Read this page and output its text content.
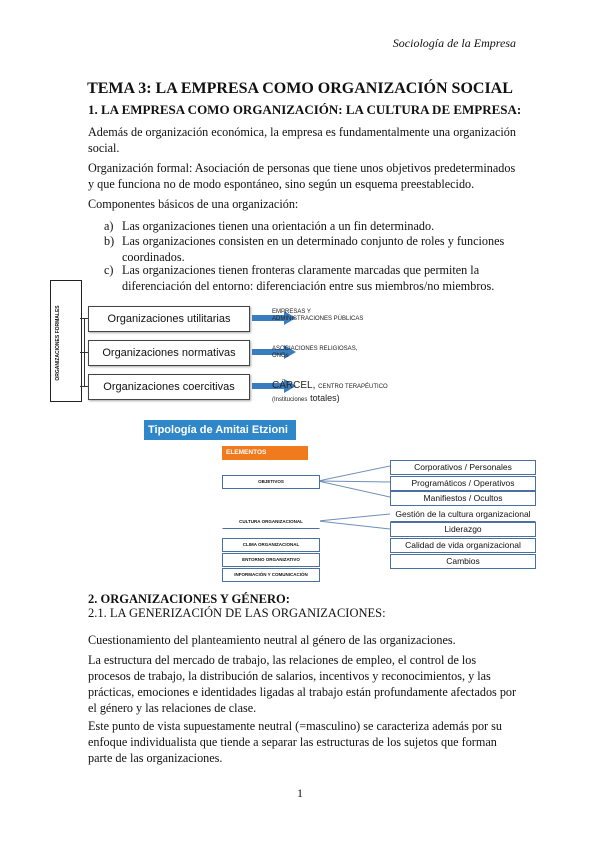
Sociología de la Empresa
TEMA 3: LA EMPRESA COMO ORGANIZACIÓN SOCIAL
1. LA EMPRESA COMO ORGANIZACIÓN: LA CULTURA DE EMPRESA:
Además de organización económica, la empresa es fundamentalmente una organización social.
Organización formal: Asociación de personas que tiene unos objetivos predeterminados y que funciona no de modo espontáneo, sino según un esquema preestablecido.
Componentes básicos de una organización:
a) Las organizaciones tienen una orientación a un fin determinado.
b) Las organizaciones consisten en un determinado conjunto de roles y funciones coordinados.
c) Las organizaciones tienen fronteras claramente marcadas que permiten la diferenciación del entorno: diferenciación entre sus miembros/no miembros.
ORGANIZACIONES FORMALES	Organizaciones utilitarias
Organizaciones normativas
Organizaciones coercitivas
EMPRESAS Y ADMINISTRACIONES PÚBLICAS
ASOCIACIONES RELIGIOSAS, ONGs
CÁRCEL, CENTRO TERAPÉUTICO
(Instituciones totales)
Tipología de Amitai Etzioni
ELEMENTOS
OBJETIVOS
CULTURA ORGANIZACIONAL
CLIMA ORGANIZACIONAL
ENTORNO ORGANIZATIVO
INFORMACIÓN Y COMUNICACIÓN
Corporativos / Personales
Programáticos / Operativos
Manifiestos / Ocultos
Gestión de la cultura organizacional
Liderazgo
Calidad de vida organizacional
Cambios
2. ORGANIZACIONES Y GÉNERO:
2.1. LA GENERIZACIÓN DE LAS ORGANIZACIONES:
Cuestionamiento del planteamiento neutral al género de las organizaciones.
La estructura del mercado de trabajo, las relaciones de empleo, el control de los procesos de trabajo, la distribución de salarios, incentivos y reconocimientos, y las prácticas, emociones e identidades ligadas al trabajo están profundamente afectados por el género y las relaciones de clase.
Este punto de vista supuestamente neutral (=masculino) se caracteriza además por su enfoque individualista que tiende a separar las estructuras de los sujetos que forman parte de las organizaciones.
1
